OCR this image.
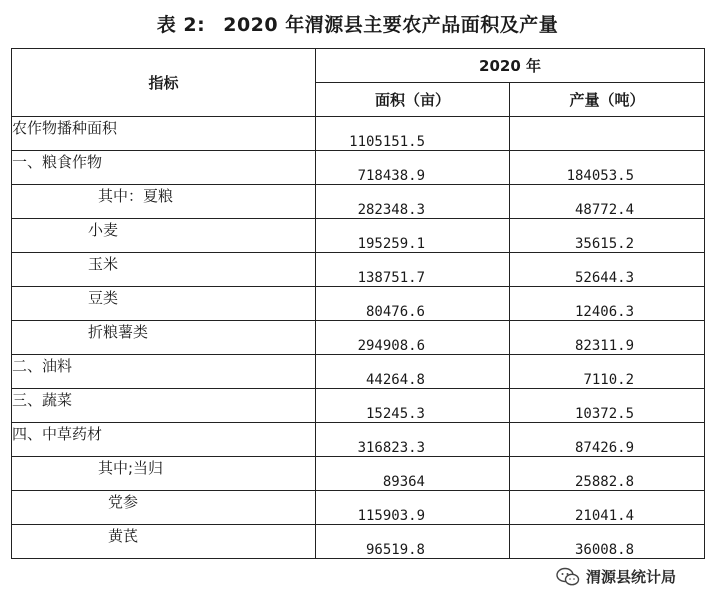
表 2: 2020 年渭源县主要农产品面积及产量
指标	2020 年	
	面积（亩）	产量（吨）
农作物播种面积	1105151.5	
一、粮食作物	718438.9	184053.5
其中：夏粮	282348.3	48772.4
小麦	195259.1	35615.2
玉米	138751.7	52644.3
豆类	80476.6	12406.3
折粮薯类	294908.6	82311.9
二、油料	44264.8	7110.2
三、蔬菜	15245.3	10372.5
四、中草药材	316823.3	87426.9
其中;当归	89364	25882.8
党参	115903.9	21041.4
黄芪	96519.8	36008.8
渭源县统计局
